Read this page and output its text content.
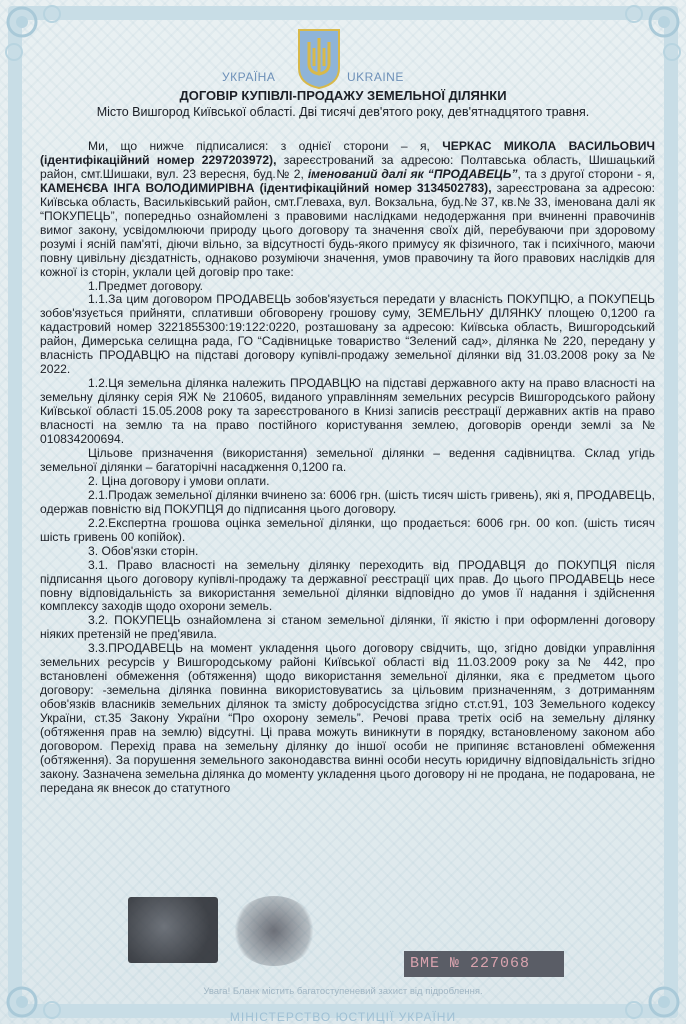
УКРАЇНА	UKRAINE
ДОГОВІР КУПІВЛІ-ПРОДАЖУ ЗЕМЕЛЬНОЇ ДІЛЯНКИ
Місто Вишгород Київської області. Дві тисячі дев'ятого року, дев'ятнадцятого травня.

Ми, що нижче підписалися: з однієї сторони – я, ЧЕРКАС МИКОЛА ВАСИЛЬОВИЧ (ідентифікаційний номер 2297203972), зареєстрований за адресою: Полтавська область, Шишацький район, смт.Шишаки, вул. 23 вересня, буд.№ 2, іменований далі як “ПРОДАВЕЦЬ”, та з другої сторони - я, КАМЕНЄВА ІНГА ВОЛОДИМИРІВНА (ідентифікаційний номер 3134502783), зареєстрована за адресою: Київська область, Васильківський район, смт.Глеваха, вул. Вокзальна, буд.№ 37, кв.№ 33, іменована далі як “ПОКУПЕЦЬ”, попередньо ознайомлені з правовими наслідками недодержання при вчиненні правочинів вимог закону, усвідомлюючи природу цього договору та значення своїх дій, перебуваючи при здоровому розумі і ясній пам'яті, діючи вільно, за відсутності будь-якого примусу як фізичного, так і психічного, маючи повну цивільну дієздатність, однаково розуміючи значення, умов правочину та його правових наслідків для кожної із сторін, уклали цей договір про таке:

1.Предмет договору.

1.1.За цим договором ПРОДАВЕЦЬ зобов'язується передати у власність ПОКУПЦЮ, а ПОКУПЕЦЬ зобов'язується прийняти, сплативши обговорену грошову суму, ЗЕМЕЛЬНУ ДІЛЯНКУ площею 0,1200 га кадастровий номер 3221855300:19:122:0220, розташовану за адресою: Київська область, Вишгородський район, Димерська селищна рада, ГО “Садівницьке товариство “Зелений сад», ділянка № 220, передану у власність ПРОДАВЦЮ на підставі договору купівлі-продажу земельної ділянки від 31.03.2008 року за № 2022.

1.2.Ця земельна ділянка належить ПРОДАВЦЮ на підставі державного акту на право власності на земельну ділянку серія ЯЖ № 210605, виданого управлінням земельних ресурсів Вишгородського району Київської області 15.05.2008 року та зареєстрованого в Книзі записів реєстрації державних актів на право власності на землю та на право постійного користування землею, договорів оренди землі за № 010834200694.

Цільове призначення (використання) земельної ділянки – ведення садівництва. Склад угідь земельної ділянки – багаторічні насадження 0,1200 га.

2. Ціна договору і умови оплати.

2.1.Продаж земельної ділянки вчинено за: 6006 грн. (шість тисяч шість гривень), які я, ПРОДАВЕЦЬ, одержав повністю від ПОКУПЦЯ до підписання цього договору.

2.2.Експертна грошова оцінка земельної ділянки, що продається: 6006 грн. 00 коп. (шість тисяч шість гривень 00 копійок).

3. Обов'язки сторін.

3.1. Право власності на земельну ділянку переходить від ПРОДАВЦЯ до ПОКУПЦЯ після підписання цього договору купівлі-продажу та державної реєстрації цих прав. До цього ПРОДАВЕЦЬ несе повну відповідальність за використання земельної ділянки відповідно до умов її надання і здійснення комплексу заходів щодо охорони земель.

3.2. ПОКУПЕЦЬ ознайомлена зі станом земельної ділянки, її якістю і при оформленні договору ніяких претензій не пред'явила.

3.3.ПРОДАВЕЦЬ на момент укладення цього договору свідчить, що, згідно довідки управління земельних ресурсів у Вишгородському районі Київської області від 11.03.2009 року за № 442, про встановлені обмеження (обтяження) щодо використання земельної ділянки, яка є предметом цього договору: -земельна ділянка повинна використовуватись за цільовим призначенням, з дотриманням обов'язків власників земельних ділянок та змісту добросусідства згідно ст.ст.91, 103 Земельного кодексу України, ст.35 Закону України “Про охорону земель”. Речові права третіх осіб на земельну ділянку (обтяження прав на землю) відсутні. Ці права можуть виникнути в порядку, встановленому законом або договором. Перехід права на земельну ділянку до іншої особи не припиняє встановлені обмеження (обтяження). За порушення земельного законодавства винні особи несуть юридичну відповідальність згідно закону. Зазначена земельна ділянка до моменту укладення цього договору ні не продана, не подарована, не передана як внесок до статутного

ВМЕ № 227068
Увага! Бланк містить багатоступеневий захист від підроблення.
МІНІСТЕРСТВО ЮСТИЦІЇ УКРАЇНИ
